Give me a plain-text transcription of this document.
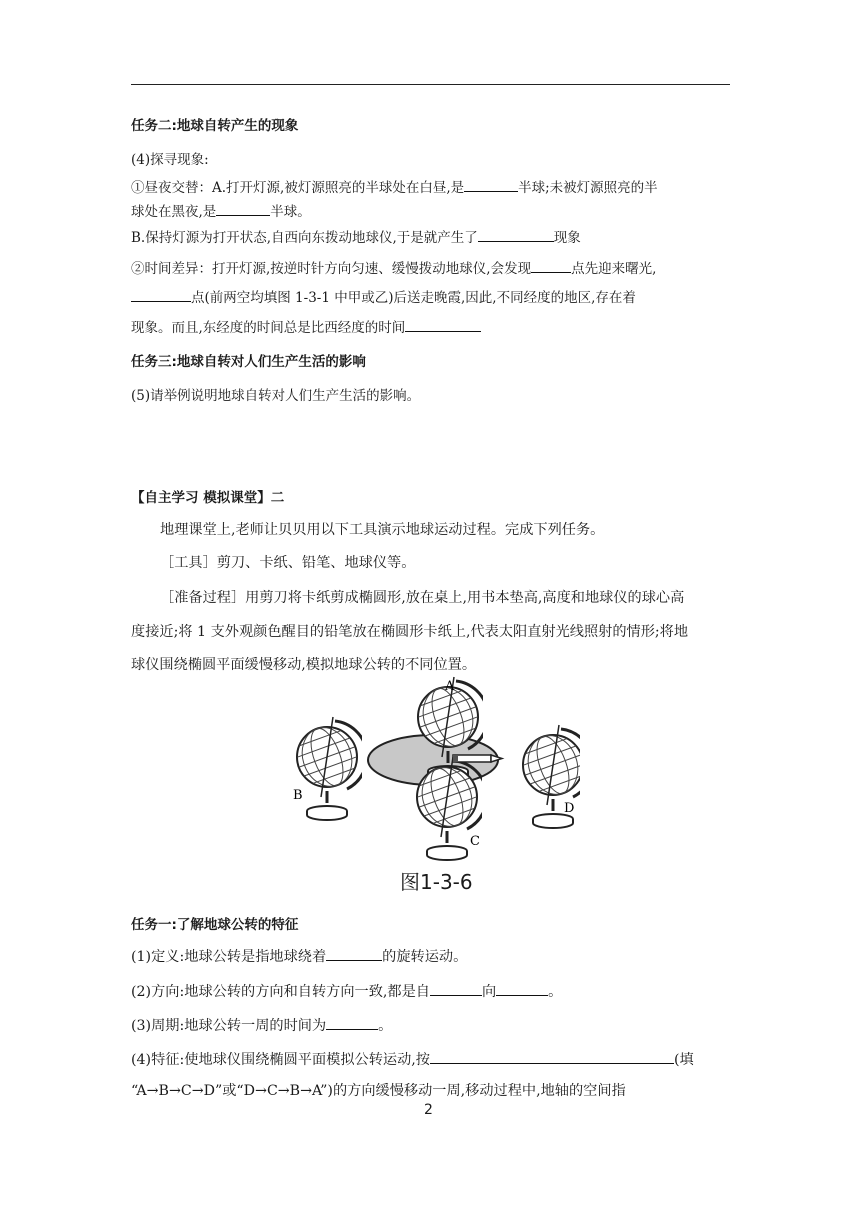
任务二:地球自转产生的现象
(4)探寻现象:
①昼夜交替：A.打开灯源,被灯源照亮的半球处在白昼,是	半球;未被灯源照亮的半
球处在黑夜,是	半球。
B.保持灯源为打开状态,自西向东拨动地球仪,于是就产生了	现象
②时间差异：打开灯源,按逆时针方向匀速、缓慢拨动地球仪,会发现	点先迎来曙光,
点(前两空均填图 1-3-1 中甲或乙)后送走晚霞,因此,不同经度的地区,存在着
现象。而且,东经度的时间总是比西经度的时间
任务三:地球自转对人们生产生活的影响
(5)请举例说明地球自转对人们生产生活的影响。
【自主学习 模拟课堂】二
地理课堂上,老师让贝贝用以下工具演示地球运动过程。完成下列任务。
［工具］剪刀、卡纸、铅笔、地球仪等。
［准备过程］用剪刀将卡纸剪成椭圆形,放在桌上,用书本垫高,高度和地球仪的球心高
度接近;将 1 支外观颜色醒目的铅笔放在椭圆形卡纸上,代表太阳直射光线照射的情形;将地
球仪围绕椭圆平面缓慢移动,模拟地球公转的不同位置。
A
B
C
D
图1-3-6
任务一:了解地球公转的特征
(1)定义:地球公转是指地球绕着	的旋转运动。
(2)方向:地球公转的方向和自转方向一致,都是自	向	。
(3)周期:地球公转一周的时间为	。
(4)特征:使地球仪围绕椭圆平面模拟公转运动,按	(填
“A→B→C→D”或“D→C→B→A”)的方向缓慢移动一周,移动过程中,地轴的空间指
2
